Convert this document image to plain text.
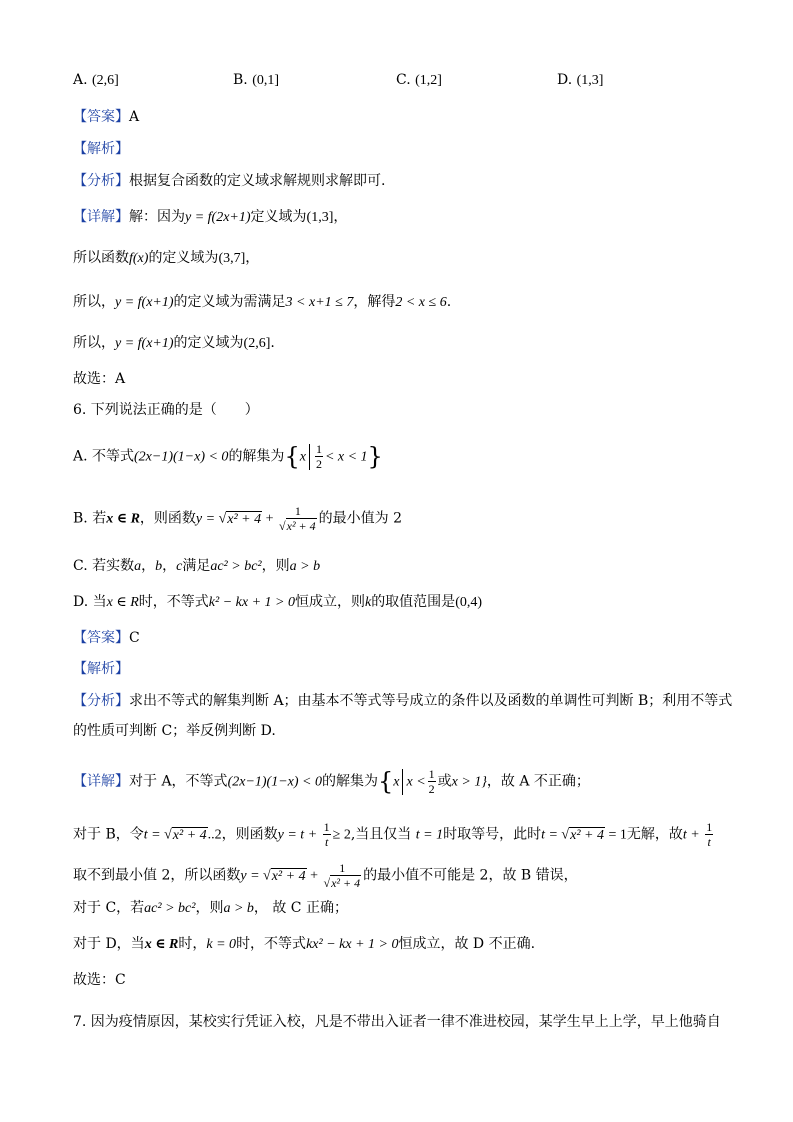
A. (2,6]	B. (0,1]	C. (1,2]	D. (1,3]
【答案】A
【解析】
【分析】根据复合函数的定义域求解规则求解即可.
【详解】解：因为y = f(2x+1)定义域为(1,3]，
所以函数f(x)的定义域为(3,7]，
所以，y = f(x+1)的定义域为需满足3 < x+1 ≤ 7，解得2 < x ≤ 6.
所以，y = f(x+1)的定义域为(2,6].
故选：A
6. 下列说法正确的是（　　）
A. 不等式(2x−1)(1−x) < 0的解集为$\{x \frac{1}{2} < x < 1\}$
B. 若x ∈ R，则函数$y = √x^2 + 4 + \frac{1}{\text{√x² + 4}}$ 的最小值为 2
C. 若实数a，b，c满足ac² > bc²，则a > b
D. 当x ∈ R时，不等式k² − kx + 1 > 0恒成立，则k的取值范围是(0,4)
【答案】C
【解析】
【分析】求出不等式的解集判断 A；由基本不等式等号成立的条件以及函数的单调性可判断 B；利用不等式
的性质可判断 C；举反例判断 D.
【详解】对于 A，不等式(2x−1)(1−x) < 0的解集为{x $x < \frac{1}{2}$ 或x > 1}，故 A 不正确；
对于 B，令t = √x² + 4..2，则函数$y = t + \frac{1}{t} \ge 2$,当且仅当 t = 1时取等号，此时t = √x² + 4 = 1无解，故$t + \frac{1}{t}$
取不到最小值 2，所以函数$y = √x^2 + 4 + \frac{1}{\text{√x² + 4}}$ 的最小值不可能是 2，故 B 错误，
对于 C，若ac² > bc²，则a > b， 故 C 正确；
对于 D，当x ∈ R时，k = 0时，不等式kx² − kx + 1 > 0恒成立，故 D 不正确.
故选：C
7. 因为疫情原因，某校实行凭证入校，凡是不带出入证者一律不准进校园，某学生早上上学，早上他骑自
